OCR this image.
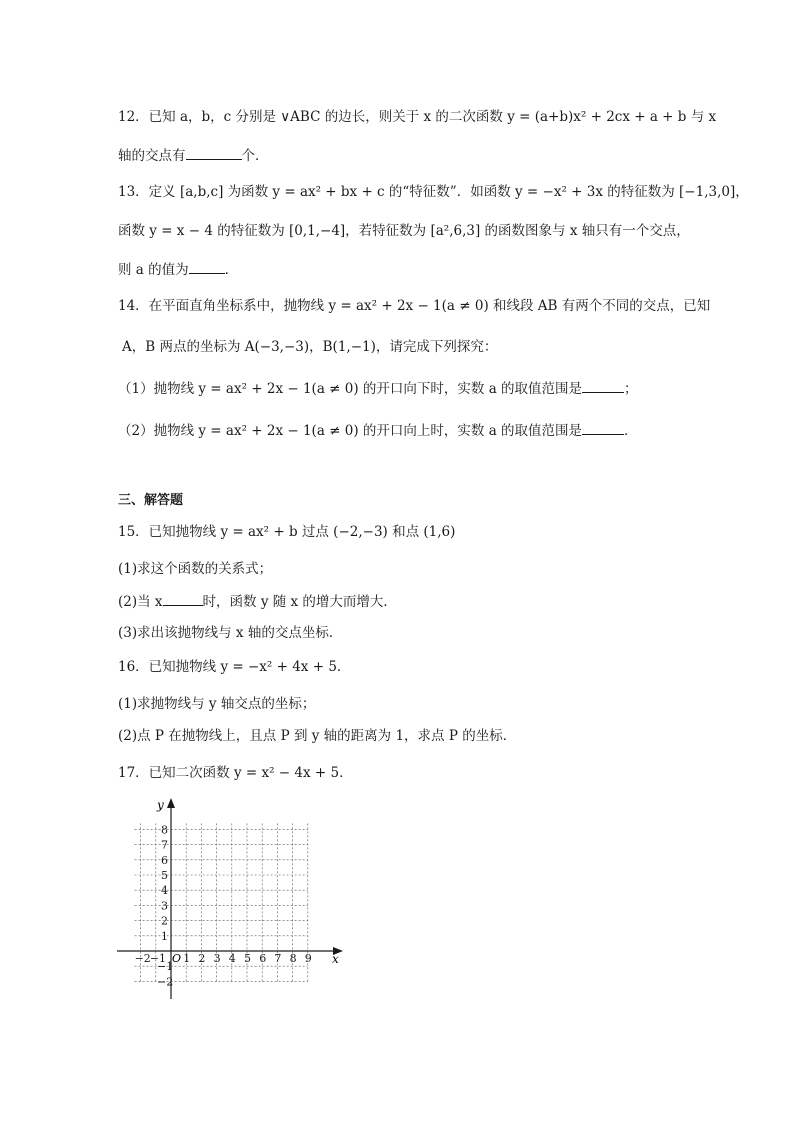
12．已知 a，b，c 分别是 ∨ABC 的边长，则关于 x 的二次函数 y = (a+b)x² + 2cx + a + b 与 x
轴的交点有	个．
13．定义 [a,b,c] 为函数 y = ax² + bx + c 的“特征数”．如函数 y = −x² + 3x 的特征数为 [−1,3,0]，
函数 y = x − 4 的特征数为 [0,1,−4]，若特征数为 [a²,6,3] 的函数图象与 x 轴只有一个交点，
则 a 的值为	．
14．在平面直角坐标系中，抛物线 y = ax² + 2x − 1(a ≠ 0) 和线段 AB 有两个不同的交点，已知
A，B 两点的坐标为 A(−3,−3)，B(1,−1)，请完成下列探究：
（1）抛物线 y = ax² + 2x − 1(a ≠ 0) 的开口向下时，实数 a 的取值范围是	；
（2）抛物线 y = ax² + 2x − 1(a ≠ 0) 的开口向上时，实数 a 的取值范围是	．
三、解答题
15．已知抛物线 y = ax² + b 过点 (−2,−3) 和点 (1,6)
(1)求这个函数的关系式；
(2)当 x	时，函数 y 随 x 的增大而增大．
(3)求出该抛物线与 x 轴的交点坐标．
16．已知抛物线 y = −x² + 4x + 5．
(1)求抛物线与 y 轴交点的坐标；
(2)点 P 在抛物线上，且点 P 到 y 轴的距离为 1，求点 P 的坐标．
17．已知二次函数 y = x² − 4x + 5．
x
y
O
−2
−1 1 2 3 4 5 6 7 8 9
8
7
6
5
4
3
2
1
−1
−2
